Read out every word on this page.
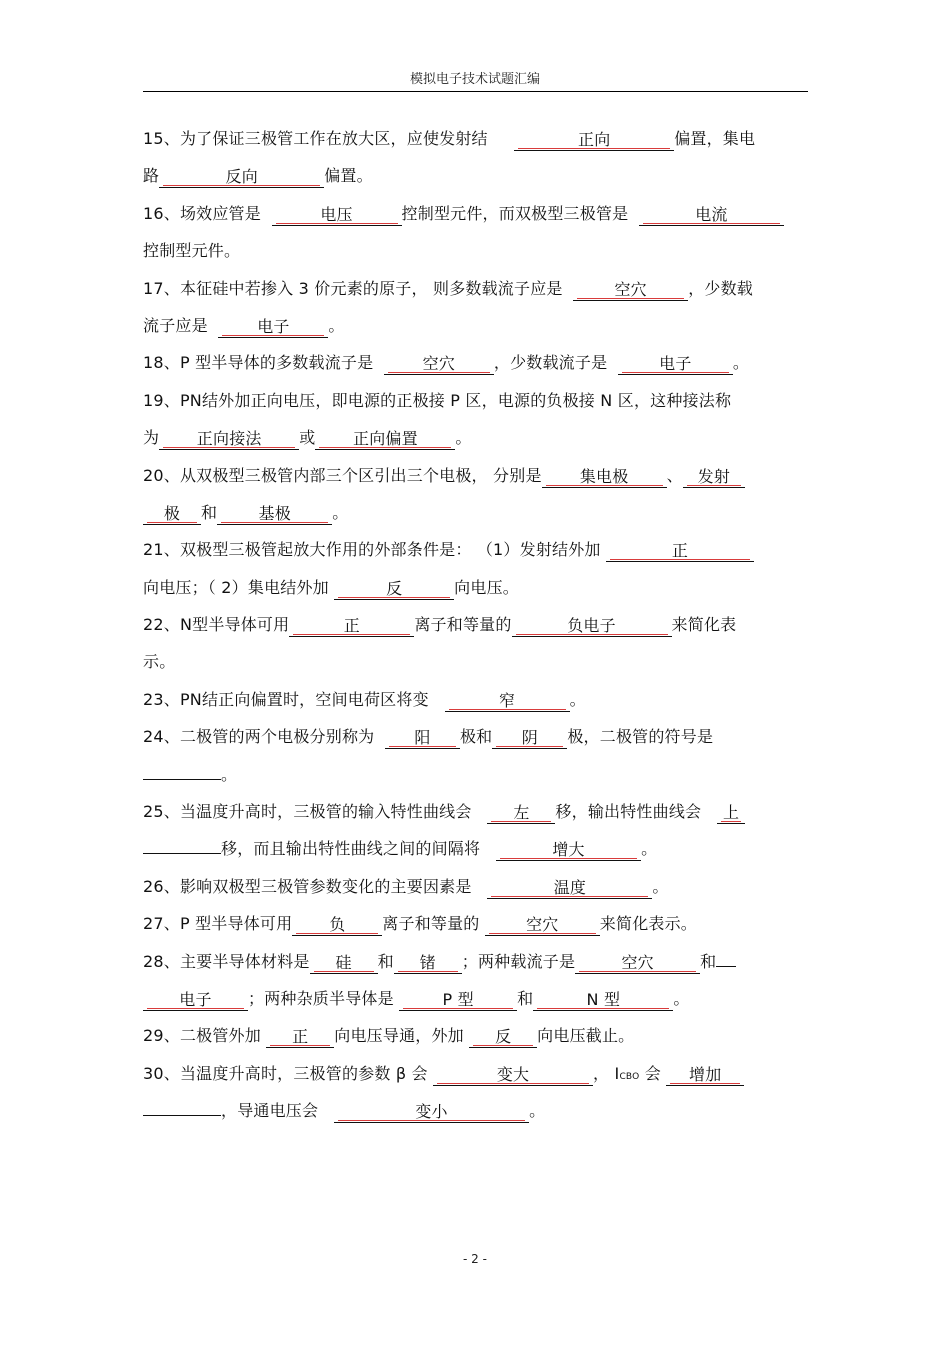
模拟电子技术试题汇编
15、为了保证三极管工作在放大区，应使发射结	正向	偏置，集电
路	反向	偏置。
16、场效应管是	电压	控制型元件，而双极型三极管是	电流
控制型元件。
17、本征硅中若掺入 3 价元素的原子， 则多数载流子应是	空穴	，少数载
流子应是	电子 。
18、P 型半导体的多数载流子是	空穴 ，少数载流子是	电子	。
19、PN结外加正向电压，即电源的正极接 P 区，电源的负极接 N 区，这种接法称
为 正向接法 或 正向偏置 。
20、从双极型三极管内部三个区引出三个电极， 分别是 集电极 、 发射
极 和	基极	。
21、双极型三极管起放大作用的外部条件是： （1）发射结外加	正
向电压；（ 2）集电结外加	反	向电压。
22、N型半导体可用	正	离子和等量的	负电子	来简化表
示。
23、PN结正向偏置时，空间电荷区将变	窄	。
24、二极管的两个电极分别称为 阳 极和 阴 极，二极管的符号是
。
25、当温度升高时，三极管的输入特性曲线会	左 移，输出特性曲线会 上
移，而且输出特性曲线之间的间隔将	增大	。
26、影响双极型三极管参数变化的主要因素是	温度	。
27、P 型半导体可用 负 离子和等量的	空穴	来简化表示。
28、主要半导体材料是 硅 和 锗 ；两种载流子是	空穴	和
电子 ；两种杂质半导体是	P 型	和	N 型	。
29、二极管外加 正 向电压导通，外加 反 向电压截止。
30、当温度升高时，三极管的参数 β 会	变大	， ICBO 会 增加
，导通电压会	变小	。
- 2 -
